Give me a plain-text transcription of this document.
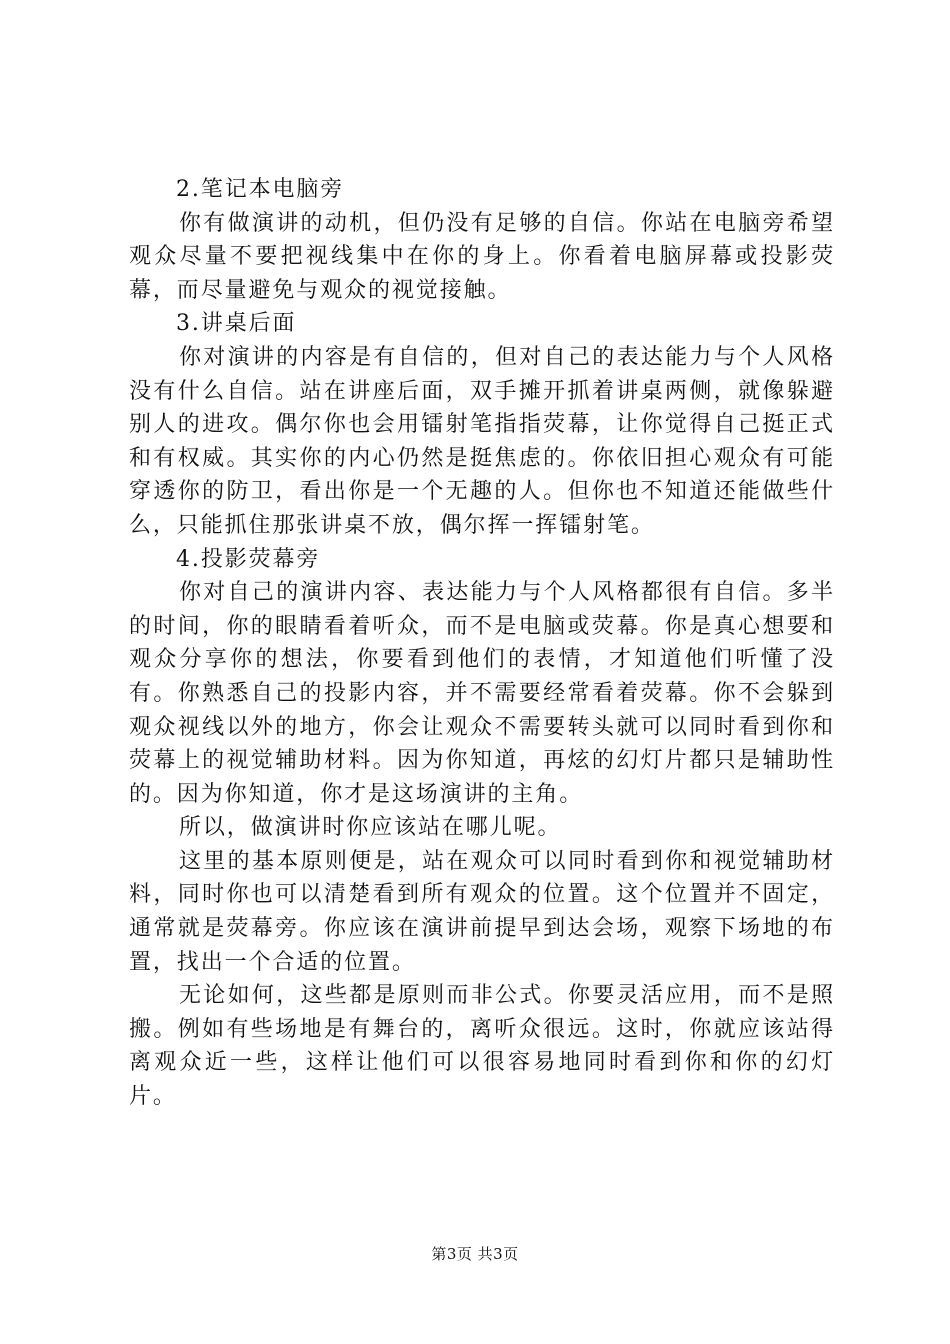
2.笔记本电脑旁

你有做演讲的动机，但仍没有足够的自信。你站在电脑旁希望观众尽量不要把视线集中在你的身上。你看着电脑屏幕或投影荧幕，而尽量避免与观众的视觉接触。

3.讲桌后面

你对演讲的内容是有自信的，但对自己的表达能力与个人风格没有什么自信。站在讲座后面，双手摊开抓着讲桌两侧，就像躲避别人的进攻。偶尔你也会用镭射笔指指荧幕，让你觉得自己挺正式和有权威。其实你的内心仍然是挺焦虑的。你依旧担心观众有可能穿透你的防卫，看出你是一个无趣的人。但你也不知道还能做些什么，只能抓住那张讲桌不放，偶尔挥一挥镭射笔。

4.投影荧幕旁

你对自己的演讲内容、表达能力与个人风格都很有自信。多半的时间，你的眼睛看着听众，而不是电脑或荧幕。你是真心想要和观众分享你的想法，你要看到他们的表情，才知道他们听懂了没有。你熟悉自己的投影内容，并不需要经常看着荧幕。你不会躲到观众视线以外的地方，你会让观众不需要转头就可以同时看到你和荧幕上的视觉辅助材料。因为你知道，再炫的幻灯片都只是辅助性的。因为你知道，你才是这场演讲的主角。

所以，做演讲时你应该站在哪儿呢。

这里的基本原则便是，站在观众可以同时看到你和视觉辅助材料，同时你也可以清楚看到所有观众的位置。这个位置并不固定，通常就是荧幕旁。你应该在演讲前提早到达会场，观察下场地的布置，找出一个合适的位置。

无论如何，这些都是原则而非公式。你要灵活应用，而不是照搬。例如有些场地是有舞台的，离听众很远。这时，你就应该站得离观众近一些，这样让他们可以很容易地同时看到你和你的幻灯片。

第3页 共3页
